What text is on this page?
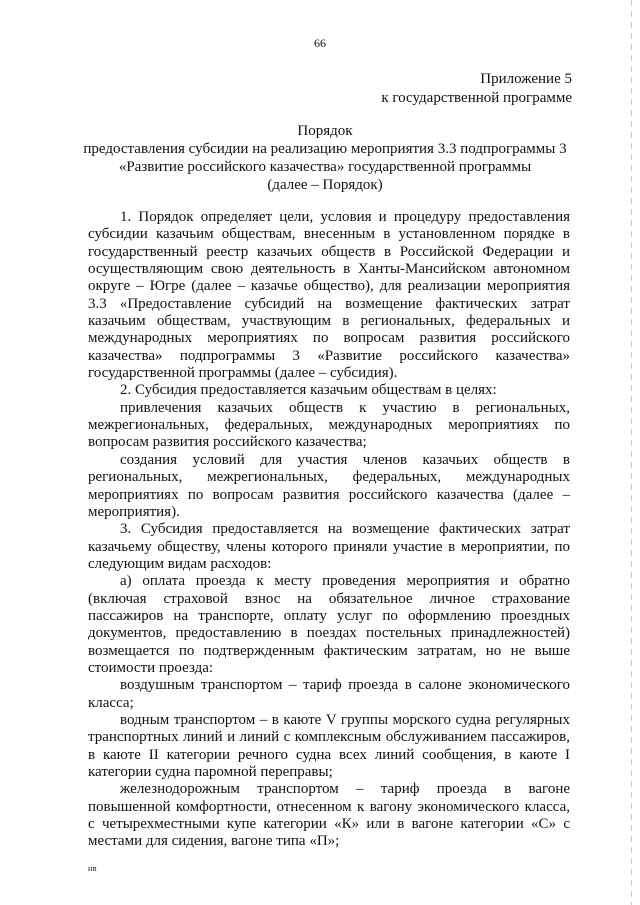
66
Приложение 5
к государственной программе
Порядок
предоставления субсидии на реализацию мероприятия 3.3 подпрограммы 3
«Развитие российского казачества» государственной программы
(далее – Порядок)

1. Порядок определяет цели, условия и процедуру предоставления субсидии казачьим обществам, внесенным в установленном порядке в государственный реестр казачьих обществ в Российской Федерации и осуществляющим свою деятельность в Ханты-Мансийском автономном округе – Югре (далее – казачье общество), для реализации мероприятия 3.3 «Предоставление субсидий на возмещение фактических затрат казачьим обществам, участвующим в региональных, федеральных и международных мероприятиях по вопросам развития российского казачества» подпрограммы 3 «Развитие российского казачества» государственной программы (далее – субсидия).

2. Субсидия предоставляется казачьим обществам в целях:

привлечения казачьих обществ к участию в региональных, межрегиональных, федеральных, международных мероприятиях по вопросам развития российского казачества;

создания условий для участия членов казачьих обществ в региональных, межрегиональных, федеральных, международных мероприятиях по вопросам развития российского казачества (далее – мероприятия).

3. Субсидия предоставляется на возмещение фактических затрат казачьему обществу, члены которого приняли участие в мероприятии, по следующим видам расходов:

а) оплата проезда к месту проведения мероприятия и обратно (включая страховой взнос на обязательное личное страхование пассажиров на транспорте, оплату услуг по оформлению проездных документов, предоставлению в поездах постельных принадлежностей) возмещается по подтвержденным фактическим затратам, но не выше стоимости проезда:

воздушным транспортом – тариф проезда в салоне экономического класса;

водным транспортом – в каюте V группы морского судна регулярных транспортных линий и линий с комплексным обслуживанием пассажиров, в каюте II категории речного судна всех линий сообщения, в каюте I категории судна паромной переправы;

железнодорожным транспортом – тариф проезда в вагоне повышенной комфортности, отнесенном к вагону экономического класса, с четырехместными купе категории «К» или в вагоне категории «С» с местами для сидения, вагоне типа «П»;

нв
